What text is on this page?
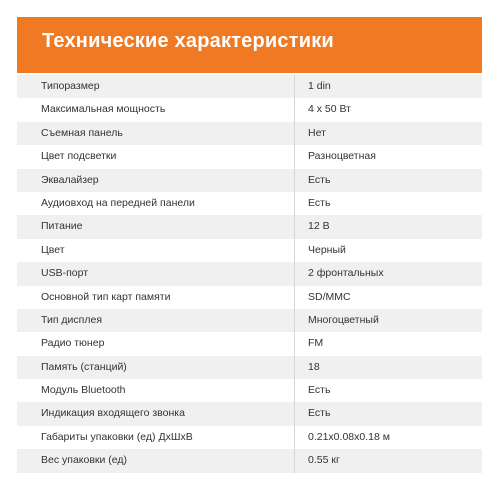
Технические характеристики
Типоразмер	1 din
Максимальная мощность	4 x 50 Вт
Съемная панель	Нет
Цвет подсветки	Разноцветная
Эквалайзер	Есть
Аудиовход на передней панели	Есть
Питание	12 В
Цвет	Черный
USB-порт	2 фронтальных
Основной тип карт памяти	SD/MMC
Тип дисплея	Многоцветный
Радио тюнер	FM
Память (станций)	18
Модуль Bluetooth	Есть
Индикация входящего звонка	Есть
Габариты упаковки (ед) ДхШхВ	0.21x0.08x0.18 м
Вес упаковки (ед)	0.55 кг
